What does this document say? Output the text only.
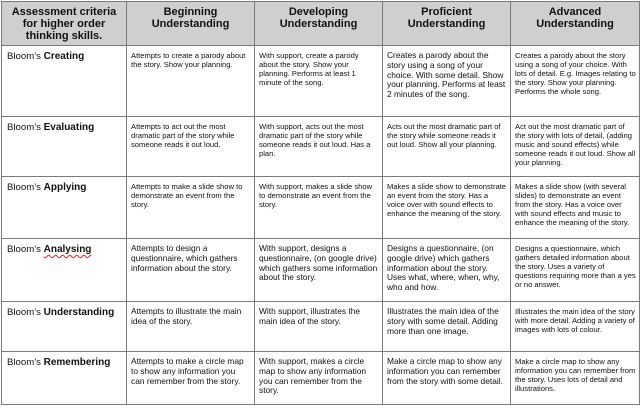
Assessment criteria for higher order thinking skills.	Beginning Understanding	Developing Understanding	Proficient Understanding	Advanced Understanding
Bloom’s Creating	Attempts to create a parody about the story. Show your planning.	With support, create a parody about the story. Show your planning. Performs at least 1 minute of the song.	Creates a parody about the story using a song of your choice. With some detail. Show your planning. Performs at least 2 minutes of the song.	Creates a parody about the story using a song of your choice. With lots of detail. E.g. Images relating to the story. Show your planning. Performs the whole song.
Bloom’s Evaluating	Attempts to act out the most dramatic part of the story while someone reads it out loud.	With support, acts out the most dramatic part of the story while someone reads it out loud. Has a plan.	Acts out the most dramatic part of the story while someone reads it out loud. Show all your planning.	Act out the most dramatic part of the story with lots of detail, (adding music and sound effects) while someone reads it out loud. Show all your planning.
Bloom’s Applying	Attempts to make a slide show to demonstrate an event from the story.	With support, makes a slide show to demonstrate an event from the story.	Makes a slide show to demonstrate an event from the story. Has a voice over with sound effects to enhance the meaning of the story.	Makes a slide show (with several slides) to demonstrate an event from the story. Has a voice over with sound effects and music to enhance the meaning of the story.
Bloom’s Analysing	Attempts to design a questionnaire, which gathers information about the story.	With support, designs a questionnaire, (on google drive) which gathers some information about the story.	Designs a questionnaire, (on google drive) which gathers information about the story. Uses what, where, when, why, who and how.	Designs a questionnaire, which gathers detailed information about the story. Uses a variety of questions requiring more than a yes or no answer.
Bloom’s Understanding	Attempts to illustrate the main idea of the story.	With support, illustrates the main idea of the story.	Illustrates the main idea of the story with some detail. Adding more than one image.	Illustrates the main idea of the story with more detail. Adding a variety of images with lots of colour.
Bloom’s Remembering	Attempts to make a circle map to show any information you can remember from the story.	With support, makes a circle map to show any information you can remember from the story.	Make a circle map to show any information you can remember from the story with some detail.	Make a circle map to show any information you can remember from the story. Uses lots of detail and illustrations.
